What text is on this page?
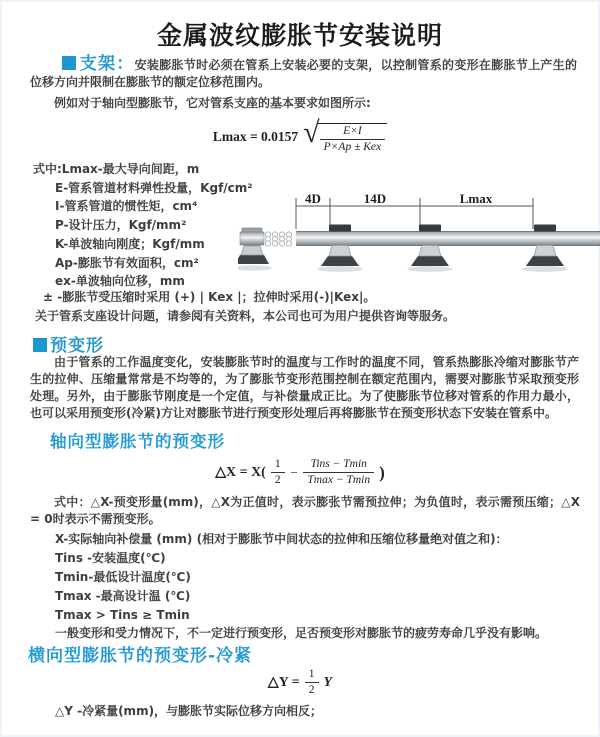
金属波纹膨胀节安装说明
支架：安装膨胀节时必须在管系上安装必要的支架，以控制管系的变形在膨胀节上产生的位移方向并限制在膨胀节的额定位移范围内。
例如对于轴向型膨胀节，它对管系支座的基本要求如图所示:
Lmax = 0.0157 √ $\frac{E\times I}{\text{P×Ap ± Kex}}$
式中:Lmax-最大导向间距，m
E-管系管道材料弹性投量，Kgf/cm²
I-管系管道的惯性矩，cm⁴
P-设计压力，Kgf/mm²
K-单波轴向刚度；Kgf/mm
Ap-膨胀节有效面积，cm²
ex-单波轴向位移，mm
± -膨胀节受压缩时采用 (+) | Kex |；拉伸时采用(-)|Kex|。
关于管系支座设计问题，请参阅有关资料，本公司也可为用户提供咨询等服务。
4D	14D	Lmax
预变形
由于管系的工作温度变化，安装膨胀节时的温度与工作时的温度不同，管系热膨胀冷缩对膨胀节产生的拉伸、压缩量常常是不均等的，为了膨胀节变形范围控制在额定范围内，需要对膨胀节采取预变形处理。另外，由于膨胀节刚度是一个定值，与补偿量成正比。为了使膨胀节位移对管系的作用力最小，也可以采用预变形(冷紧)方让对膨胀节进行预变形处理后再将膨胀节在预变形状态下安装在管系中。
轴向型膨胀节的预变形
△X = $X( \frac{1}{2} - \frac{\text{Tins − Tmin}}{Tmax - Tmin}$ )
式中：△X-预变形量(mm)，△X为正值时，表示膨张节需预拉伸；为负值时，表示需预压缩；△X = 0时表示不需预变形。
X-实际轴向补偿量 (mm) (相对于膨胀节中间状态的拉伸和压缩位移量绝对值之和)：
Tins -安装温度(℃)
Tmin-最低设计温度(℃)
Tmax -最高设计温 (℃)
Tmax > Tins ≥ Tmin
一般变形和受力情况下，不一定进行预变形，足否预变形对膨胀节的疲劳寿命几乎没有影响。
横向型膨胀节的预变形-冷紧
△Y = $\frac{1}{2}$ Y
△Y -冷紧量(mm)，与膨胀节实际位移方向相反；
